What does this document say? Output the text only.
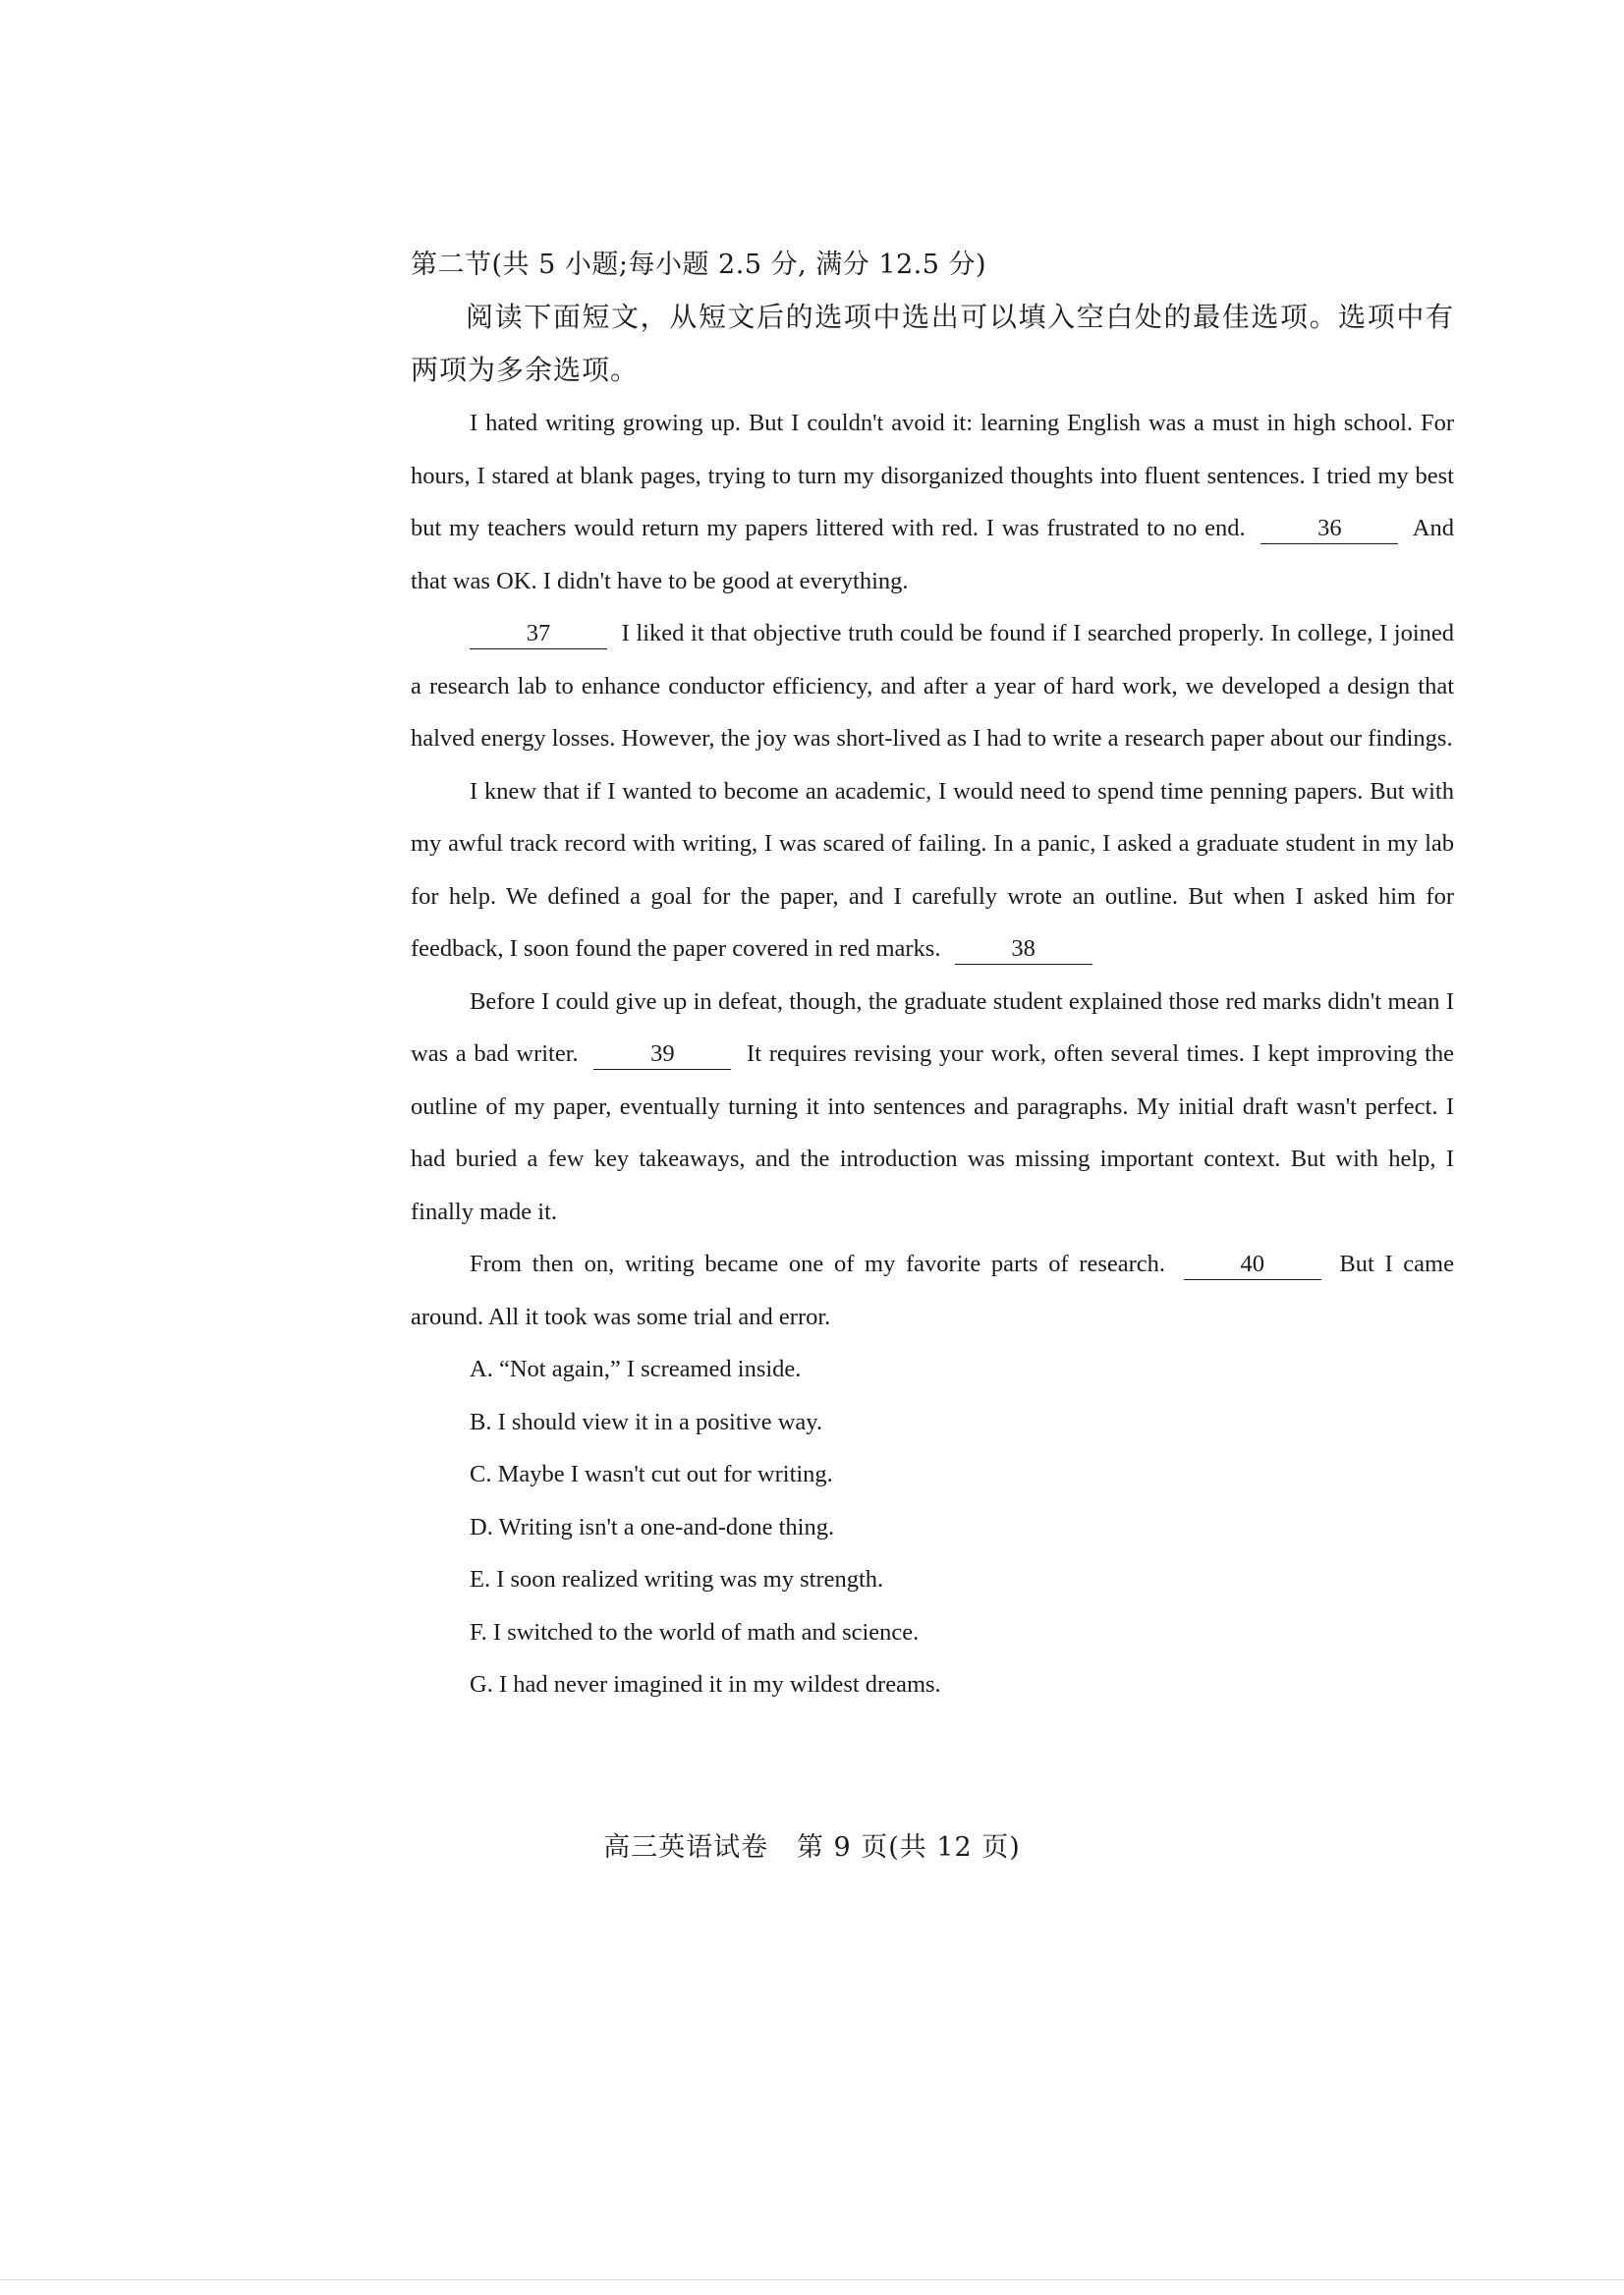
第二节(共 5 小题;每小题 2.5 分, 满分 12.5 分)

阅读下面短文，从短文后的选项中选出可以填入空白处的最佳选项。选项中有两项为多余选项。

I hated writing growing up. But I couldn't avoid it: learning English was a must in high school. For hours, I stared at blank pages, trying to turn my disorganized thoughts into fluent sentences. I tried my best but my teachers would return my papers littered with red. I was frustrated to no end.	36	And that was OK. I didn't have to be good at everything.

37	I liked it that objective truth could be found if I searched properly. In college, I joined a research lab to enhance conductor efficiency, and after a year of hard work, we developed a design that halved energy losses. However, the joy was short-lived as I had to write a research paper about our findings.

I knew that if I wanted to become an academic, I would need to spend time penning papers. But with my awful track record with writing, I was scared of failing. In a panic, I asked a graduate student in my lab for help. We defined a goal for the paper, and I carefully wrote an outline. But when I asked him for feedback, I soon found the paper covered in red marks.	38

Before I could give up in defeat, though, the graduate student explained those red marks didn't mean I was a bad writer.	39	It requires revising your work, often several times. I kept improving the outline of my paper, eventually turning it into sentences and paragraphs. My initial draft wasn't perfect. I had buried a few key takeaways, and the introduction was missing important context. But with help, I finally made it.

From then on, writing became one of my favorite parts of research.	40	But I came around. All it took was some trial and error.

A. “Not again,” I screamed inside.
B. I should view it in a positive way.
C. Maybe I wasn't cut out for writing.
D. Writing isn't a one-and-done thing.
E. I soon realized writing was my strength.
F. I switched to the world of math and science.
G. I had never imagined it in my wildest dreams.
高三英语试卷 第 9 页(共 12 页)
